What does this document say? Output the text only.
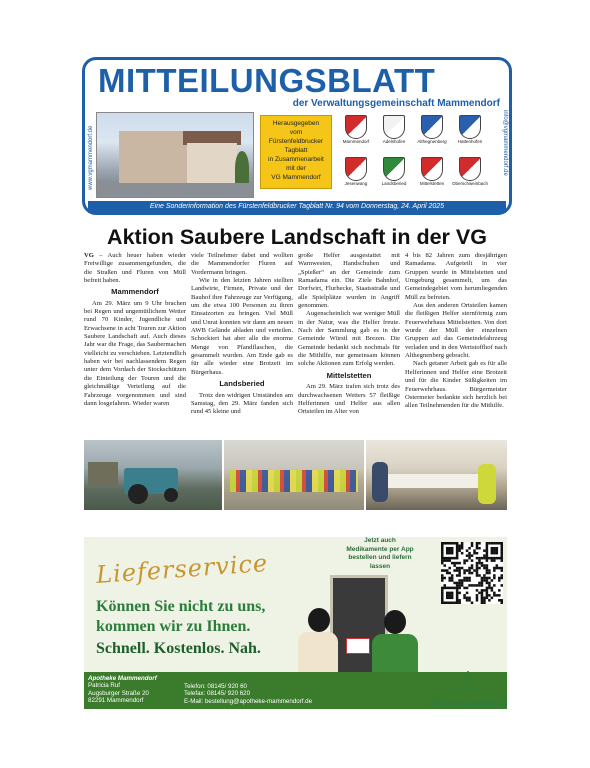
MITTEILUNGSBLATT
der Verwaltungsgemeinschaft Mammendorf
www.vgmammendorf.de	info@vgmammendorf.de
Herausgegeben
vom
Fürstenfeldbrucker
Tagblatt
in Zusammenarbeit
mit der
VG Mammendorf
Mammendorf	Adelshofen	Althegnenberg	Hattenhofen
Jesenwang	Landsberied	Mittelstetten	Oberschweinbach
Eine Sonderinformation des Fürstenfeldbrucker Tagblatt Nr. 94 vom Donnerstag, 24. April 2025
Aktion Saubere Landschaft in der VG

VG – Auch heuer haben wieder Freiwillige zusammengefunden, die die Straßen und Fluren von Müll befreit haben.

Mammendorf

Am 29. März um 9 Uhr brachen bei Regen und ungemütlichem Wetter rund 70 Kinder, Jugendliche und Erwachsene in acht Touren zur Aktion Saubere Landschaft auf. Auch dieses Jahr war die Frage, das Saubermachen vielleicht zu verschieben. Letztendlich haben wir bei nachlassendem Regen unter dem Vordach der Stockschützen die Einteilung der Touren und die gleichmäßige Verteilung auf die Fahrzeuge vorgenommen und sind dann losgefahren. Wieder waren

viele Teilnehmer dabei und wollten die Mammendorfer Fluren auf Vordermann bringen.

Wie in den letzten Jahren stellten Landwirte, Firmen, Private und der Bauhof ihre Fahrzeuge zur Verfügung, um die etwa 100 Personen zu ihren Einsatzorten zu bringen. Viel Müll und Unrat konnten wir dann am neuen AWB Gelände abladen und verteilen. Schockiert hat aber alle die enorme Menge von Pfandflaschen, die gesammelt wurden. Am Ende gab es für alle wieder eine Brotzeit im Bürgerhaus.

Landsberied

Trotz den widrigen Umständen am Samstag, den 29. März fanden sich rund 45 kleine und

große Helfer ausgestattet mit Warnwesten, Handschuhen und „Spießer“ an der Gemeinde zum Ramadama ein. Die Ziele Bahnhof, Dorfwirt, Flurhecke, Staatsstraße und alle Spielplätze wurden in Angriff genommen.

Augenscheinlich war weniger Müll in der Natur, was die Helfer freute. Nach der Sammlung gab es in der Gemeinde Würstl mit Brezen. Die Gemeinde bedankt sich nochmals für die Mithilfe, nur gemeinsam können solche Aktionen zum Erfolg werden.

Mittelstetten

Am 29. März trafen sich trotz des durchwachsenen Wetters 57 fleißige Helferinnen und Helfer aus allen Ortsteilen im Alter von

4 bis 82 Jahren zum diesjährigen Ramadama. Aufgeteilt in vier Gruppen wurde in Mittelstetten und Umgebung gesammelt, um das Gemeindegebiet vom herumliegenden Müll zu befreien.

Aus den anderen Ortsteilen kamen die fleißigen Helfer sternförmig zum Feuerwehrhaus Mittelstetten. Von dort wurde der Müll der einzelnen Gruppen auf das Gemeindefahrzeug verladen und in den Wertstoffhof nach Althegnenberg gebracht.

Nach getaner Arbeit gab es für alle Helferinnen und Helfer eine Brotzeit und für die Kinder Süßigkeiten im Feuerwehrhaus. Bürgermeister Ostermeier bedankte sich herzlich bei allen Teilnehmenden für die Mithilfe.

Lieferservice
Jetzt auch
Medikamente per App
bestellen und liefern
lassen
Können Sie nicht zu uns,
kommen wir zu Ihnen.
Schnell. Kostenlos. Nah.
Apotheke Mammendorf
Patricia Ruf
Augsburger Straße 20
82291 Mammendorf
Telefon: 08145/ 920 60
Telefax: 08145/ 920 620
E-Mail: bestellung@apotheke-mammendorf.de
⚕
APOTHEKE
Mammendorf
